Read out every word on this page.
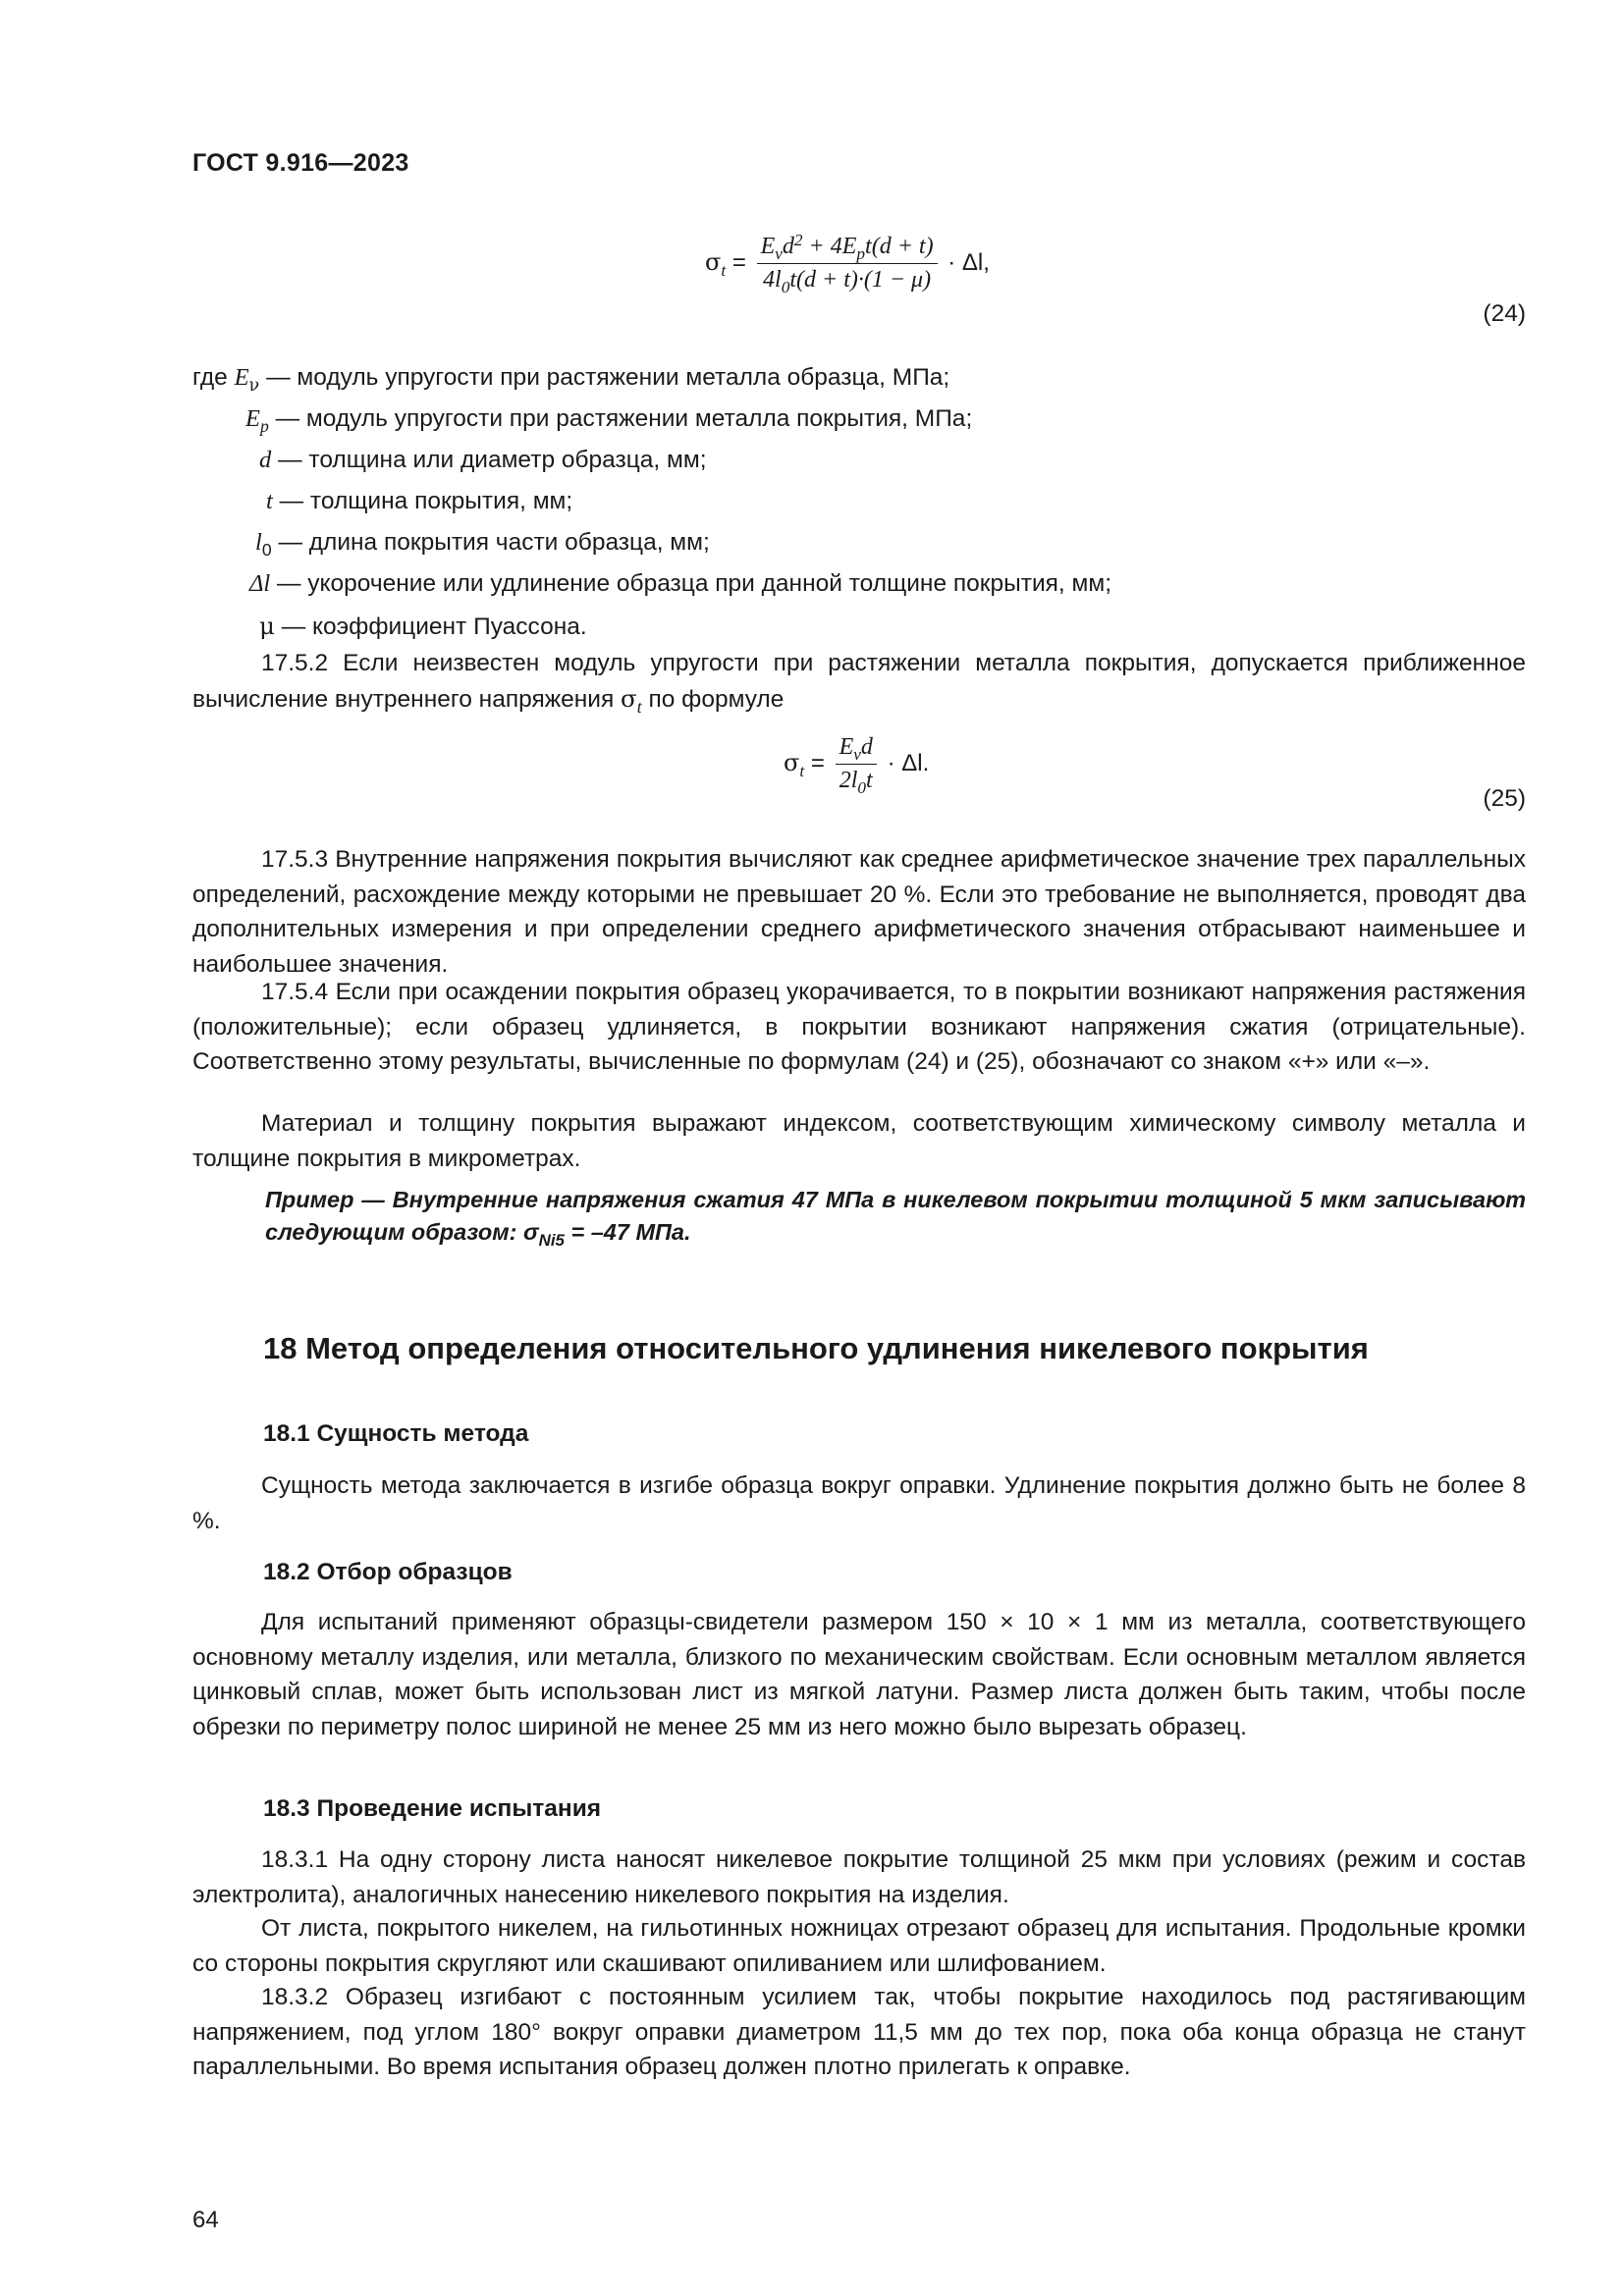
ГОСТ 9.916—2023
$\sigma_t = \frac{E_\nu d^2 + 4E_pt(d + t)}{4l_0t(d + t)\cdot(1 - \mu)} \cdot \Delta l$,
(24)
где $E_\nu$ — модуль упругости при растяжении металла образца, МПа;
$E_p$ — модуль упругости при растяжении металла покрытия, МПа;
d — толщина или диаметр образца, мм;
t — толщина покрытия, мм;
$l_0$ — длина покрытия части образца, мм;
Δl — укорочение или удлинение образца при данной толщине покрытия, мм;
μ — коэффициент Пуассона.
17.5.2 Если неизвестен модуль упругости при растяжении металла покрытия, допускается приближенное вычисление внутреннего напряжения $\sigma_t$ по формуле
$\sigma_t = \frac{E_\nu d}{2l_0t} \cdot \Delta l$.
(25)
17.5.3 Внутренние напряжения покрытия вычисляют как среднее арифметическое значение трех параллельных определений, расхождение между которыми не превышает 20 %. Если это требование не выполняется, проводят два дополнительных измерения и при определении среднего арифметического значения отбрасывают наименьшее и наибольшее значения.
17.5.4 Если при осаждении покрытия образец укорачивается, то в покрытии возникают напряжения растяжения (положительные); если образец удлиняется, в покрытии возникают напряжения сжатия (отрицательные). Соответственно этому результаты, вычисленные по формулам (24) и (25), обозначают со знаком «+» или «–».
Материал и толщину покрытия выражают индексом, соответствующим химическому символу металла и толщине покрытия в микрометрах.
Пример — Внутренние напряжения сжатия 47 МПа в никелевом покрытии толщиной 5 мкм записывают следующим образом: $\sigma_{Ni5} = -47$ МПа.
18 Метод определения относительного удлинения никелевого покрытия
18.1 Сущность метода
Сущность метода заключается в изгибе образца вокруг оправки. Удлинение покрытия должно быть не более 8 %.
18.2 Отбор образцов
Для испытаний применяют образцы-свидетели размером 150 × 10 × 1 мм из металла, соответствующего основному металлу изделия, или металла, близкого по механическим свойствам. Если основным металлом является цинковый сплав, может быть использован лист из мягкой латуни. Размер листа должен быть таким, чтобы после обрезки по периметру полос шириной не менее 25 мм из него можно было вырезать образец.
18.3 Проведение испытания
18.3.1 На одну сторону листа наносят никелевое покрытие толщиной 25 мкм при условиях (режим и состав электролита), аналогичных нанесению никелевого покрытия на изделия.
От листа, покрытого никелем, на гильотинных ножницах отрезают образец для испытания. Продольные кромки со стороны покрытия скругляют или скашивают опиливанием или шлифованием.
18.3.2 Образец изгибают с постоянным усилием так, чтобы покрытие находилось под растягивающим напряжением, под углом 180° вокруг оправки диаметром 11,5 мм до тех пор, пока оба конца образца не станут параллельными. Во время испытания образец должен плотно прилегать к оправке.
64
